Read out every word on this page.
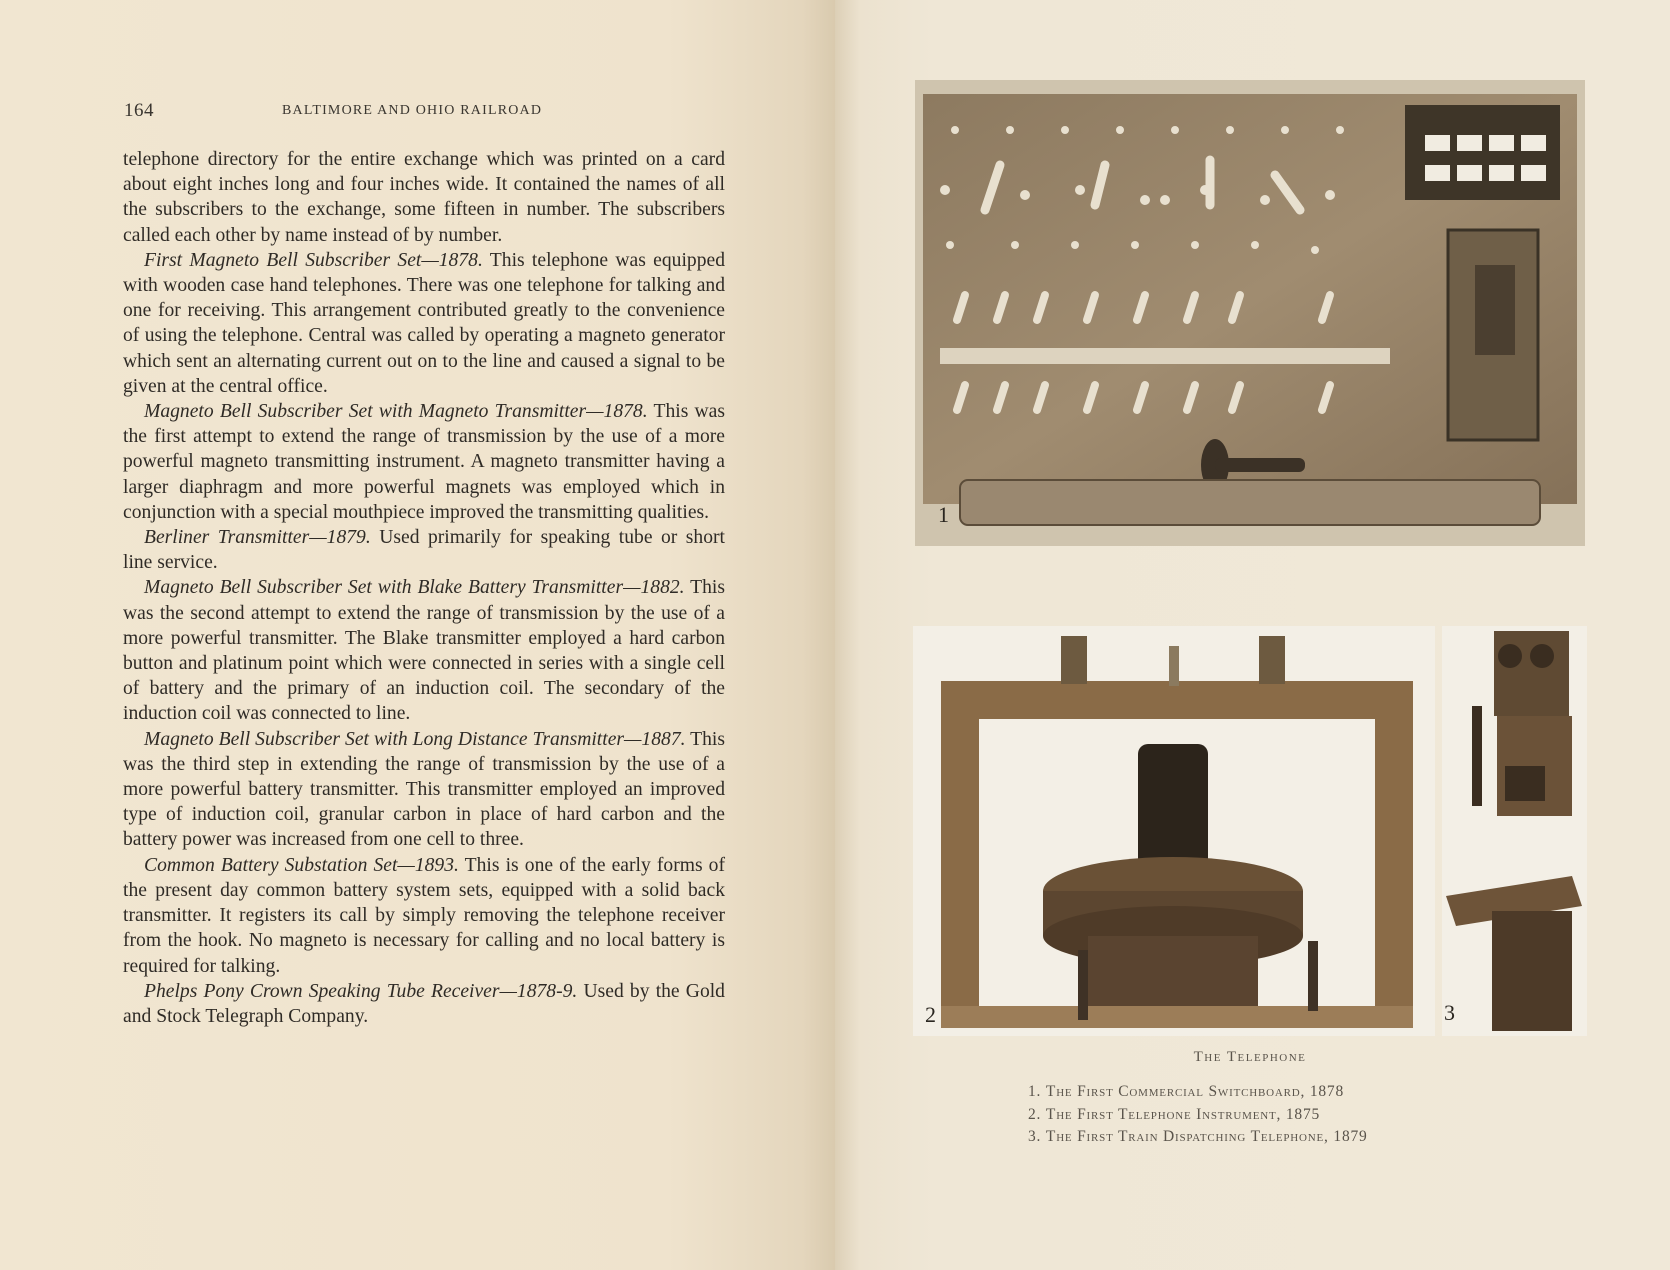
164	BALTIMORE AND OHIO RAILROAD

telephone directory for the entire exchange which was printed on a card about eight inches long and four inches wide. It contained the names of all the subscribers to the exchange, some fifteen in number. The subscribers called each other by name instead of by number.

First Magneto Bell Subscriber Set—1878. This telephone was equipped with wooden case hand telephones. There was one telephone for talking and one for receiving. This arrangement contributed greatly to the convenience of using the telephone. Central was called by operating a magneto generator which sent an alternating current out on to the line and caused a signal to be given at the central office.

Magneto Bell Subscriber Set with Magneto Transmitter—1878. This was the first attempt to extend the range of transmission by the use of a more powerful magneto transmitting instrument. A magneto transmitter having a larger diaphragm and more powerful magnets was employed which in conjunction with a special mouthpiece improved the transmitting qualities.

Berliner Transmitter—1879. Used primarily for speaking tube or short line service.

Magneto Bell Subscriber Set with Blake Battery Transmitter—1882. This was the second attempt to extend the range of transmission by the use of a more powerful transmitter. The Blake transmitter employed a hard carbon button and platinum point which were connected in series with a single cell of battery and the primary of an induction coil. The secondary of the induction coil was connected to line.

Magneto Bell Subscriber Set with Long Distance Transmitter—1887. This was the third step in extending the range of transmission by the use of a more powerful battery transmitter. This transmitter employed an improved type of induction coil, granular carbon in place of hard carbon and the battery power was increased from one cell to three.

Common Battery Substation Set—1893. This is one of the early forms of the present day common battery system sets, equipped with a solid back transmitter. It registers its call by simply removing the telephone receiver from the hook. No magneto is necessary for calling and no local battery is required for talking.

Phelps Pony Crown Speaking Tube Receiver—1878-9. Used by the Gold and Stock Telegraph Company.

1
2	3
The Telephone
1. The First Commercial Switchboard, 1878
2. The First Telephone Instrument, 1875
3. The First Train Dispatching Telephone, 1879
